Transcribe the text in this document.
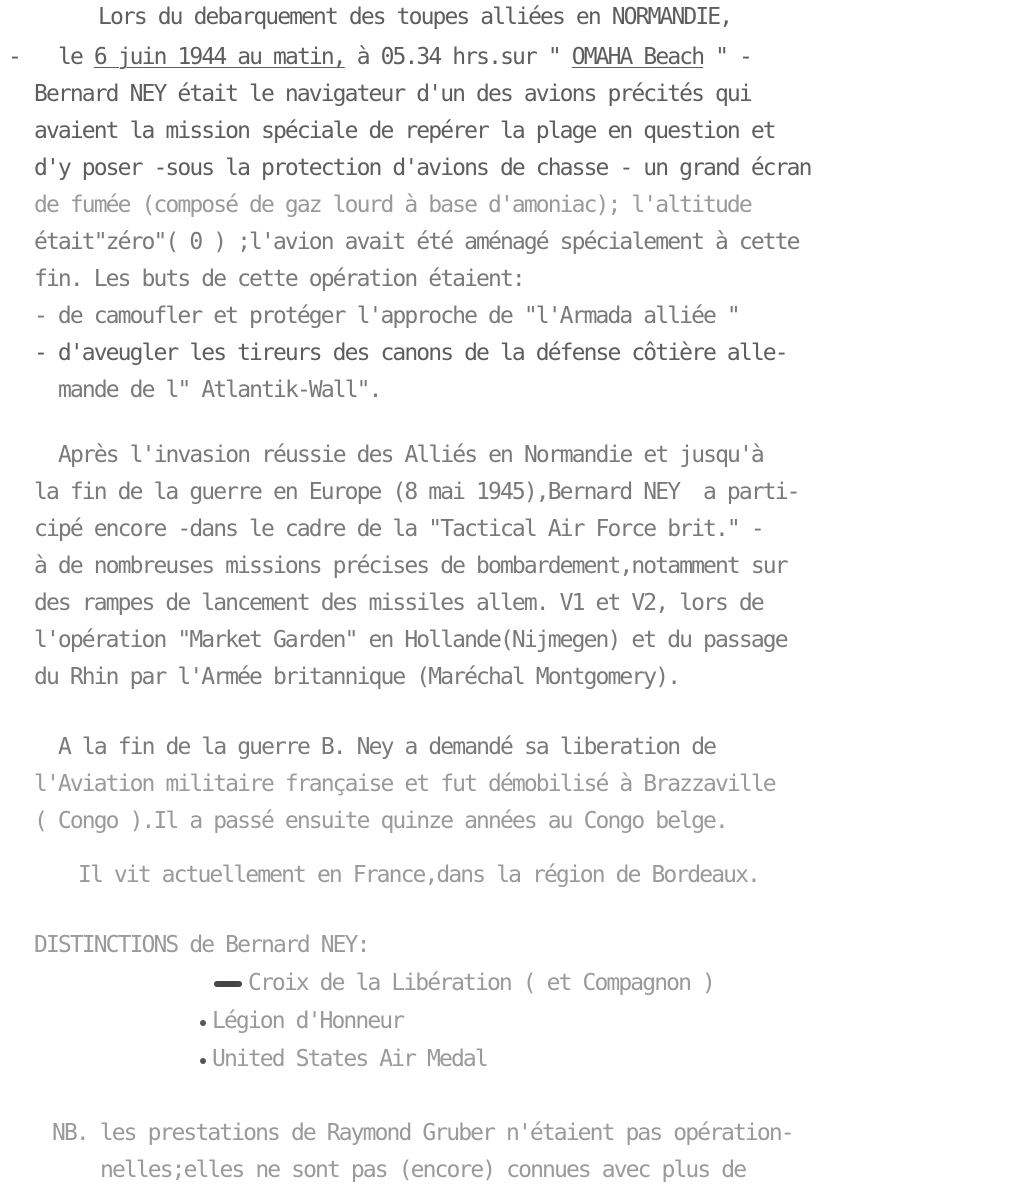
Lors du debarquement des toupes alliées en NORMANDIE,
- le 6 juin 1944 au matin, à 05.34 hrs.sur " OMAHA Beach " -
Bernard NEY était le navigateur d'un des avions précités qui
avaient la mission spéciale de repérer la plage en question et
d'y poser -sous la protection d'avions de chasse - un grand écran
de fumée (composé de gaz lourd à base d'amoniac); l'altitude
était"zéro"( 0 ) ;l'avion avait été aménagé spécialement à cette
fin. Les buts de cette opération étaient:
- de camoufler et protéger l'approche de "l'Armada alliée "
- d'aveugler les tireurs des canons de la défense côtière alle-
mande de l" Atlantik-Wall".
Après l'invasion réussie des Alliés en Normandie et jusqu'à
la fin de la guerre en Europe (8 mai 1945),Bernard NEY  a parti-
cipé encore -dans le cadre de la "Tactical Air Force brit." -
à de nombreuses missions précises de bombardement,notamment sur
des rampes de lancement des missiles allem. V1 et V2, lors de
l'opération "Market Garden" en Hollande(Nijmegen) et du passage
du Rhin par l'Armée britannique (Maréchal Montgomery).
A la fin de la guerre B. Ney a demandé sa liberation de
l'Aviation militaire française et fut démobilisé à Brazzaville
( Congo ).Il a passé ensuite quinze années au Congo belge.
Il vit actuellement en France,dans la région de Bordeaux.
DISTINCTIONS de Bernard NEY:
Croix de la Libération ( et Compagnon )
Légion d'Honneur
United States Air Medal
NB. les prestations de Raymond Gruber n'étaient pas opération-
nelles;elles ne sont pas (encore) connues avec plus de
